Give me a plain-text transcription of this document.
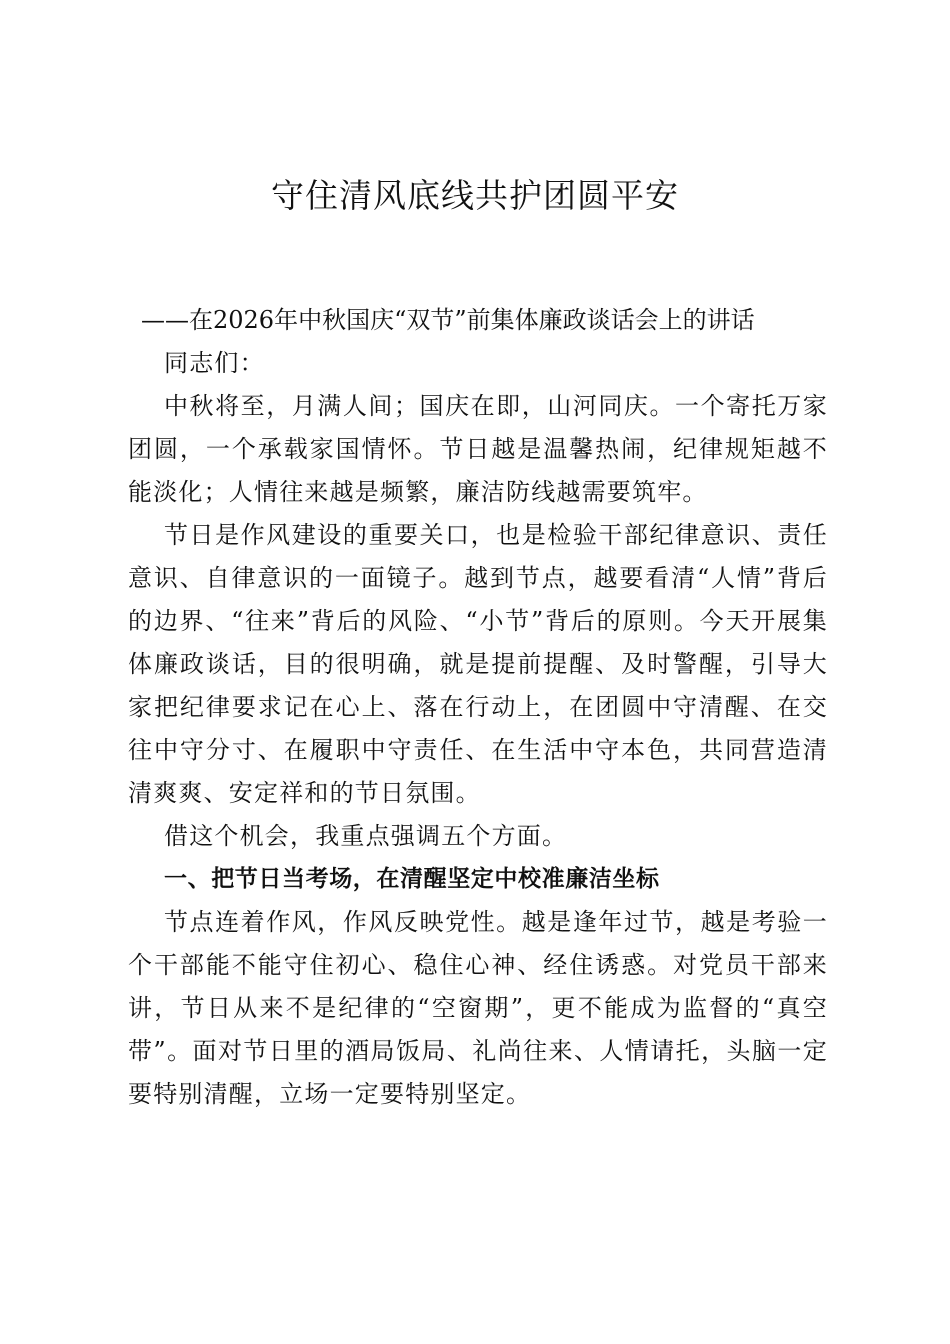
守住清风底线共护团圆平安

——在2026年中秋国庆“双节”前集体廉政谈话会上的讲话

同志们：

中秋将至，月满人间；国庆在即，山河同庆。一个寄托万家团圆，一个承载家国情怀。节日越是温馨热闹，纪律规矩越不能淡化；人情往来越是频繁，廉洁防线越需要筑牢。

节日是作风建设的重要关口，也是检验干部纪律意识、责任意识、自律意识的一面镜子。越到节点，越要看清“人情”背后的边界、“往来”背后的风险、“小节”背后的原则。今天开展集体廉政谈话，目的很明确，就是提前提醒、及时警醒，引导大家把纪律要求记在心上、落在行动上，在团圆中守清醒、在交往中守分寸、在履职中守责任、在生活中守本色，共同营造清清爽爽、安定祥和的节日氛围。

借这个机会，我重点强调五个方面。

一、把节日当考场，在清醒坚定中校准廉洁坐标

节点连着作风，作风反映党性。越是逢年过节，越是考验一个干部能不能守住初心、稳住心神、经住诱惑。对党员干部来讲，节日从来不是纪律的“空窗期”，更不能成为监督的“真空带”。面对节日里的酒局饭局、礼尚往来、人情请托，头脑一定要特别清醒，立场一定要特别坚定。
